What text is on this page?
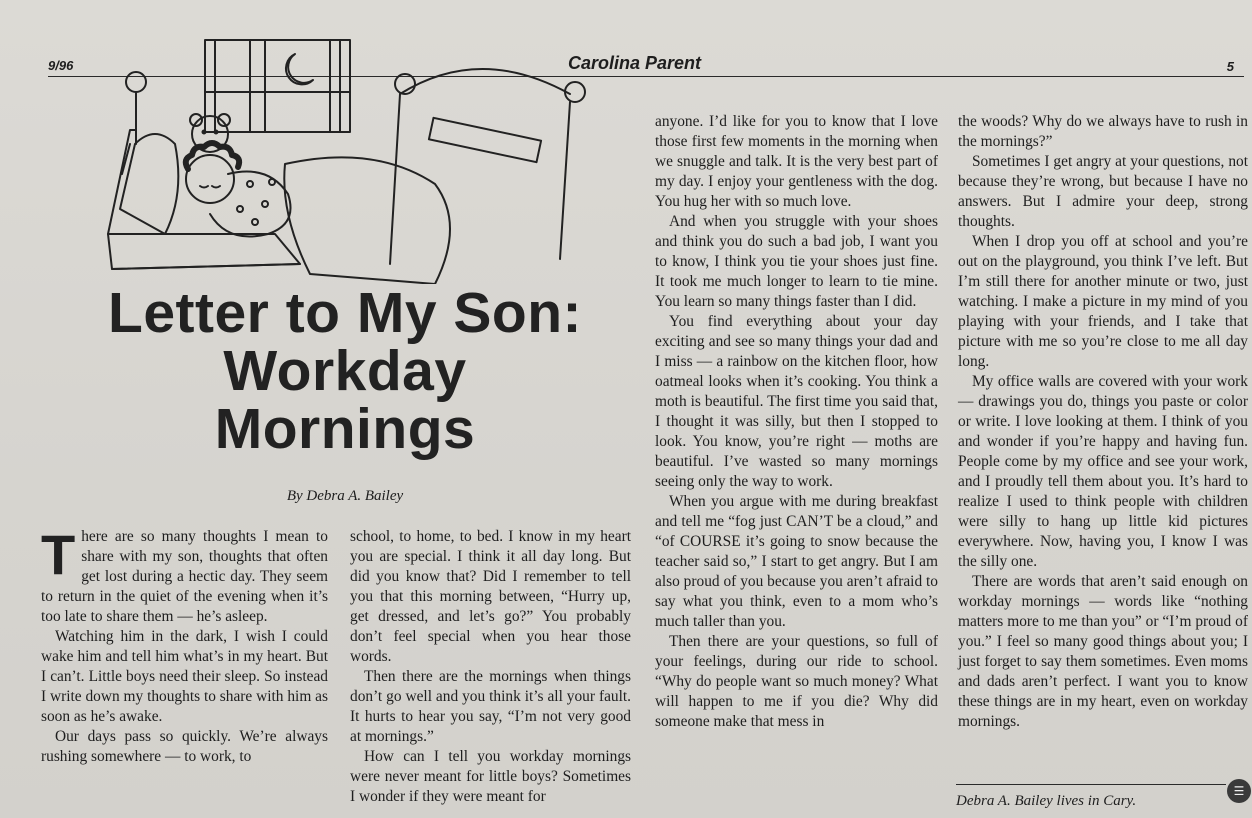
9/96	Carolina Parent	5
Letter to My Son:
Workday
Mornings
By Debra A. Bailey

There are so many thoughts I mean to share with my son, thoughts that often get lost during a hectic day. They seem to return in the quiet of the evening when it’s too late to share them — he’s asleep.

Watching him in the dark, I wish I could wake him and tell him what’s in my heart. But I can’t. Little boys need their sleep. So instead I write down my thoughts to share with him as soon as he’s awake.

Our days pass so quickly. We’re always rushing somewhere — to work, to

school, to home, to bed. I know in my heart you are special. I think it all day long. But did you know that? Did I remember to tell you that this morning between, “Hurry up, get dressed, and let’s go?” You probably don’t feel special when you hear those words.

Then there are the mornings when things don’t go well and you think it’s all your fault. It hurts to hear you say, “I’m not very good at mornings.”

How can I tell you workday mornings were never meant for little boys? Sometimes I wonder if they were meant for

anyone. I’d like for you to know that I love those first few moments in the morning when we snuggle and talk. It is the very best part of my day. I enjoy your gentleness with the dog. You hug her with so much love.

And when you struggle with your shoes and think you do such a bad job, I want you to know, I think you tie your shoes just fine. It took me much longer to learn to tie mine. You learn so many things faster than I did.

You find everything about your day exciting and see so many things your dad and I miss — a rainbow on the kitchen floor, how oatmeal looks when it’s cooking. You think a moth is beautiful. The first time you said that, I thought it was silly, but then I stopped to look. You know, you’re right — moths are beautiful. I’ve wasted so many mornings seeing only the way to work.

When you argue with me during breakfast and tell me “fog just CAN’T be a cloud,” and “of COURSE it’s going to snow because the teacher said so,” I start to get angry. But I am also proud of you because you aren’t afraid to say what you think, even to a mom who’s much taller than you.

Then there are your questions, so full of your feelings, during our ride to school. “Why do people want so much money? What will happen to me if you die? Why did someone make that mess in

the woods? Why do we always have to rush in the mornings?”

Sometimes I get angry at your questions, not because they’re wrong, but because I have no answers. But I admire your deep, strong thoughts.

When I drop you off at school and you’re out on the playground, you think I’ve left. But I’m still there for another minute or two, just watching. I make a picture in my mind of you playing with your friends, and I take that picture with me so you’re close to me all day long.

My office walls are covered with your work — drawings you do, things you paste or color or write. I love looking at them. I think of you and wonder if you’re happy and having fun. People come by my office and see your work, and I proudly tell them about you. It’s hard to realize I used to think people with children were silly to hang up little kid pictures everywhere. Now, having you, I know I was the silly one.

There are words that aren’t said enough on workday mornings — words like “nothing matters more to me than you” or “I’m proud of you.” I feel so many good things about you; I just forget to say them sometimes. Even moms and dads aren’t perfect. I want you to know these things are in my heart, even on workday mornings.

Debra A. Bailey lives in Cary.
☰
